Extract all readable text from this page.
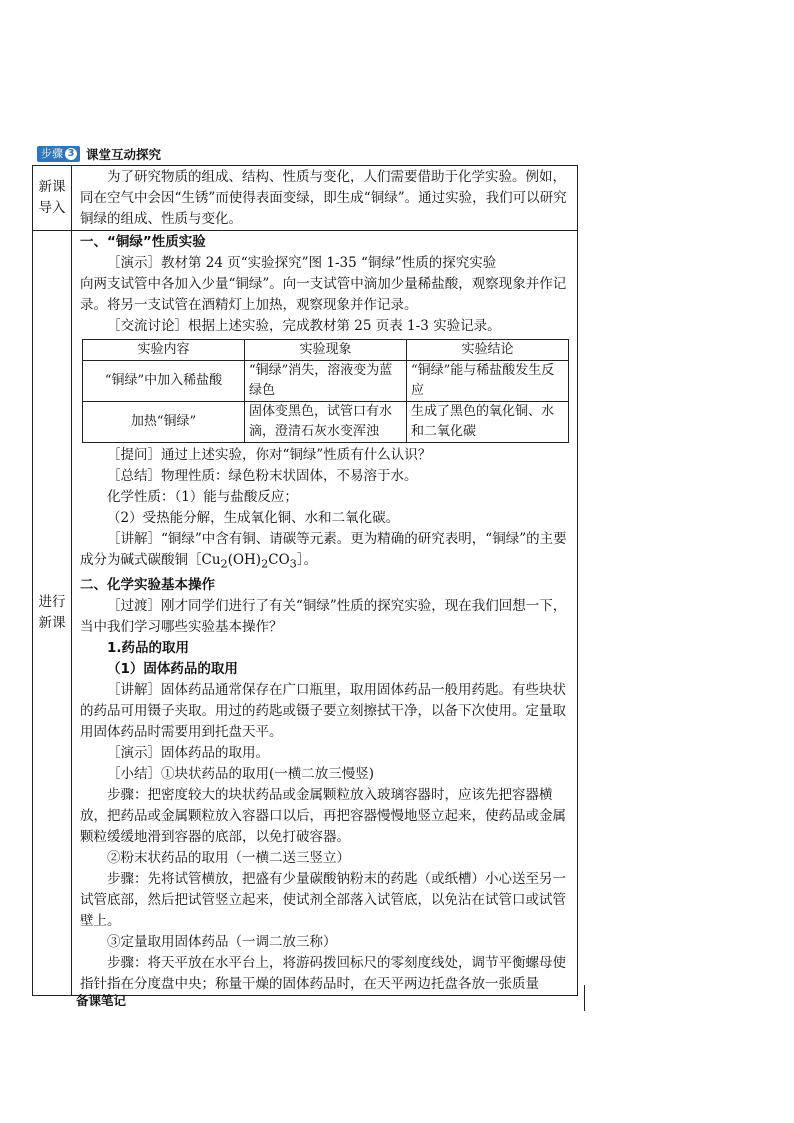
步骤 3 课堂互动探究
新课导入	

为了研究物质的组成、结构、性质与变化，人们需要借助于化学实验。例如，同在空气中会因“生锈”而使得表面变绿，即生成“铜绿”。通过实验，我们可以研究铜绿的组成、性质与变化。

进行新课	

一、“铜绿”性质实验

［演示］教材第 24 页“实验探究”图 1-35 “铜绿”性质的探究实验

向两支试管中各加入少量“铜绿”。向一支试管中滴加少量稀盐酸，观察现象并作记录。将另一支试管在酒精灯上加热，观察现象并作记录。

［交流讨论］根据上述实验，完成教材第 25 页表 1-3 实验记录。

实验内容	实验现象	实验结论
“铜绿”中加入稀盐酸	“铜绿”消失，溶液变为蓝绿色	“铜绿”能与稀盐酸发生反应
加热“铜绿”	固体变黑色，试管口有水滴，澄清石灰水变浑浊	生成了黑色的氧化铜、水和二氧化碳

［提问］通过上述实验，你对“铜绿”性质有什么认识？

［总结］物理性质：绿色粉末状固体，不易溶于水。

化学性质：（1）能与盐酸反应；

（2）受热能分解，生成氧化铜、水和二氧化碳。

［讲解］“铜绿”中含有铜、请碳等元素。更为精确的研究表明，“铜绿”的主要成分为碱式碳酸铜$[Cu_2(OH)_2CO_3]$。

二、化学实验基本操作

［过渡］刚才同学们进行了有关“铜绿”性质的探究实验，现在我们回想一下，当中我们学习哪些实验基本操作？

1.药品的取用

（1）固体药品的取用

［讲解］固体药品通常保存在广口瓶里，取用固体药品一般用药匙。有些块状的药品可用镊子夹取。用过的药匙或镊子要立刻擦拭干净，以备下次使用。定量取用固体药品时需要用到托盘天平。

［演示］固体药品的取用。

［小结］①块状药品的取用(一横二放三慢竖)

步骤：把密度较大的块状药品或金属颗粒放入玻璃容器时，应该先把容器横放，把药品或金属颗粒放入容器口以后，再把容器慢慢地竖立起来，使药品或金属颗粒缓缓地滑到容器的底部，以免打破容器。

②粉末状药品的取用（一横二送三竖立）

步骤：先将试管横放，把盛有少量碳酸钠粉末的药匙（或纸槽）小心送至另一试管底部，然后把试管竖立起来，使试剂全部落入试管底，以免沾在试管口或试管壁上。

③定量取用固体药品（一调二放三称）

步骤：将天平放在水平台上，将游码拨回标尺的零刻度线处，调节平衡螺母使指针指在分度盘中央；称量干燥的固体药品时，在天平两边托盘各放一张质量

备课笔记
